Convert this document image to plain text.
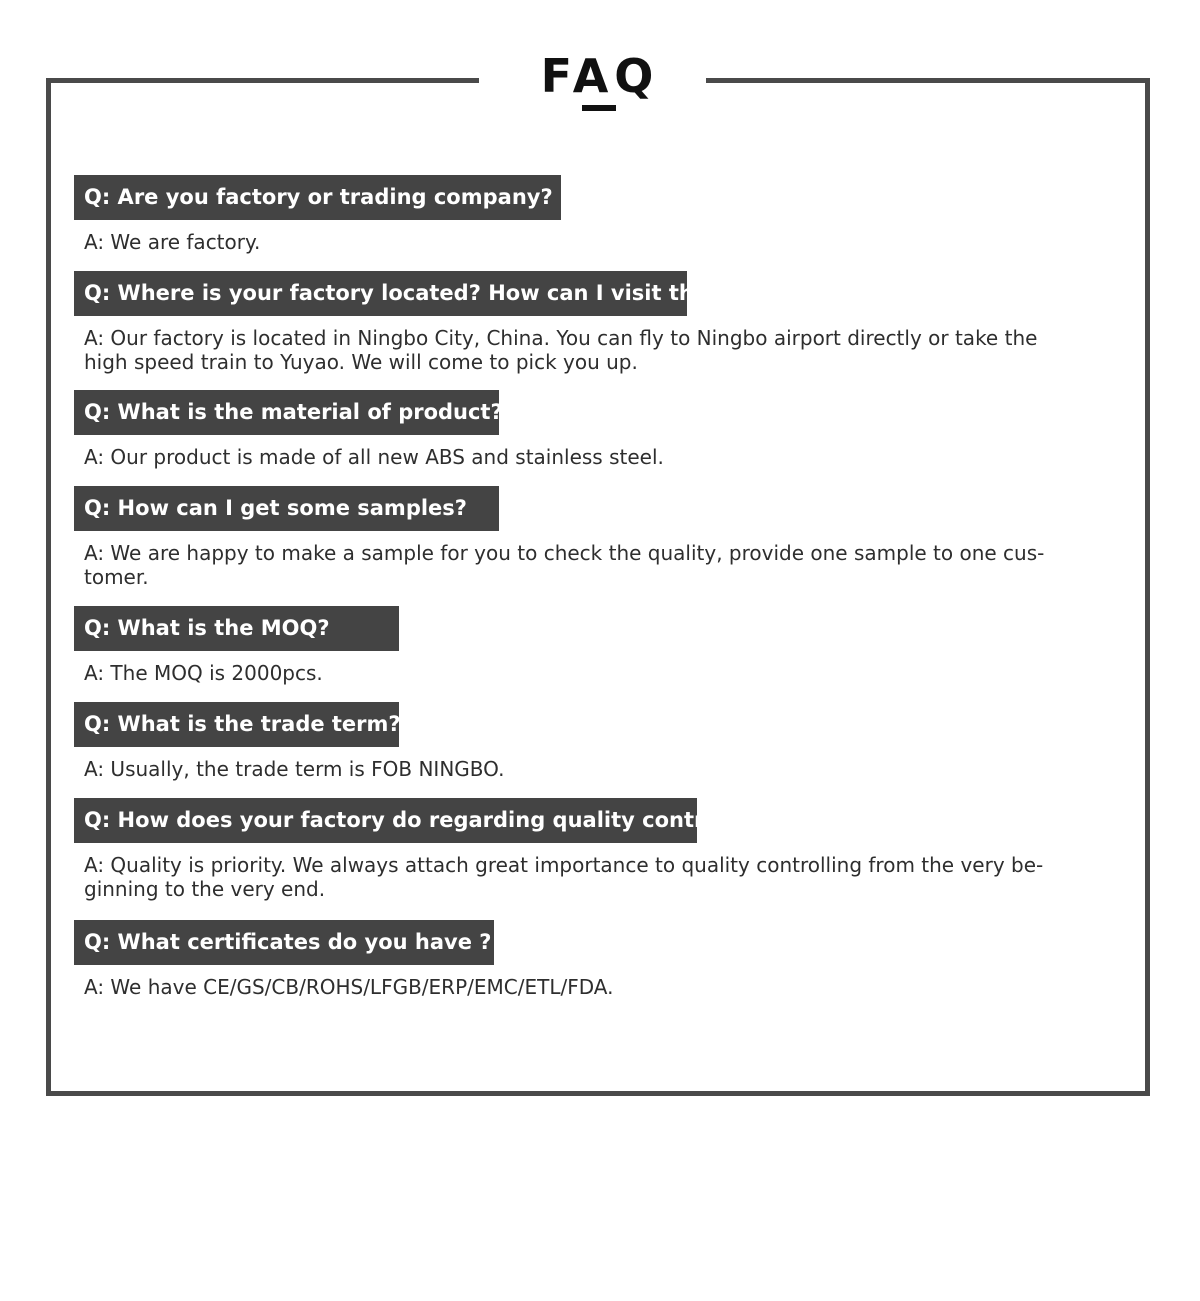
FAQ
Q: Are you factory or trading company?

A: We are factory.

Q: Where is your factory located? How can I visit there?

A: Our factory is located in Ningbo City, China. You can fly to Ningbo airport directly or take the high speed train to Yuyao. We will come to pick you up.

Q: What is the material of product?

A: Our product is made of all new ABS and stainless steel.

Q: How can I get some samples?

A: We are happy to make a sample for you to check the quality, provide one sample to one cus-tomer.

Q: What is the MOQ?

A: The MOQ is 2000pcs.

Q: What is the trade term?

A: Usually, the trade term is FOB NINGBO.

Q: How does your factory do regarding quality control?

A: Quality is priority. We always attach great importance to quality controlling from the very be-ginning to the very end.

Q: What certificates do you have ?

A: We have CE/GS/CB/ROHS/LFGB/ERP/EMC/ETL/FDA.
